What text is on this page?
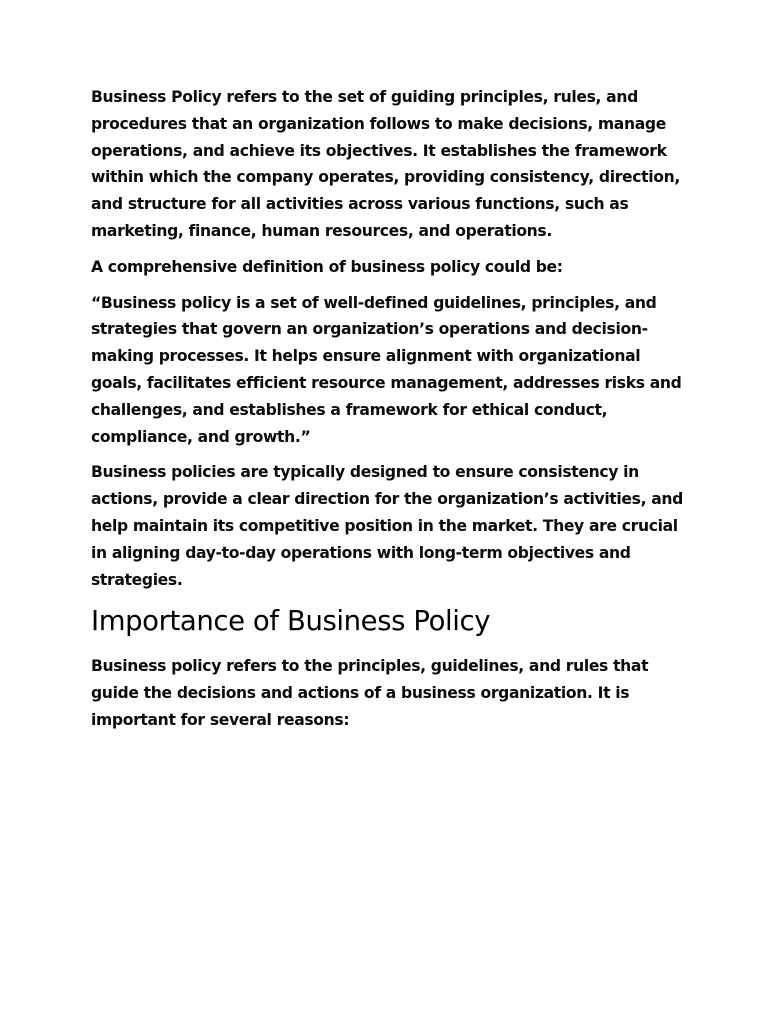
Business Policy refers to the set of guiding principles, rules, and procedures that an organization follows to make decisions, manage operations, and achieve its objectives. It establishes the framework within which the company operates, providing consistency, direction, and structure for all activities across various functions, such as marketing, finance, human resources, and operations.

A comprehensive definition of business policy could be:

“Business policy is a set of well-defined guidelines, principles, and strategies that govern an organization’s operations and decision-making processes. It helps ensure alignment with organizational goals, facilitates efficient resource management, addresses risks and challenges, and establishes a framework for ethical conduct, compliance, and growth.”

Business policies are typically designed to ensure consistency in actions, provide a clear direction for the organization’s activities, and help maintain its competitive position in the market. They are crucial in aligning day-to-day operations with long-term objectives and strategies.

Importance of Business Policy

Business policy refers to the principles, guidelines, and rules that guide the decisions and actions of a business organization. It is important for several reasons:
